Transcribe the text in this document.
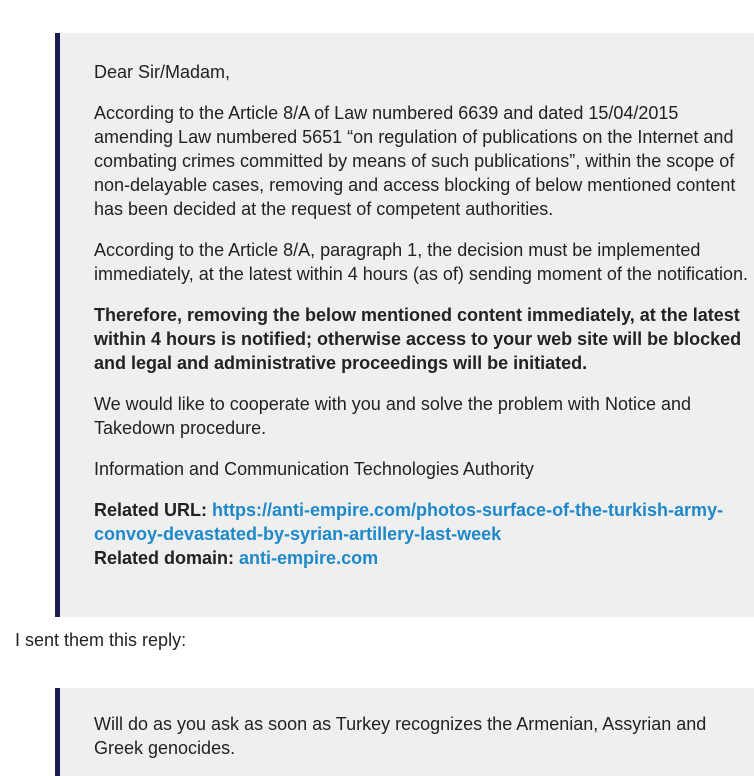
Dear Sir/Madam,

According to the Article 8/A of Law numbered 6639 and dated 15/04/2015 amending Law numbered 5651 “on regulation of publications on the Internet and combating crimes committed by means of such publications”, within the scope of non-delayable cases, removing and access blocking of below mentioned content has been decided at the request of competent authorities.

According to the Article 8/A, paragraph 1, the decision must be implemented immediately, at the latest within 4 hours (as of) sending moment of the notification.

Therefore, removing the below mentioned content immediately, at the latest within 4 hours is notified; otherwise access to your web site will be blocked and legal and administrative proceedings will be initiated.

We would like to cooperate with you and solve the problem with Notice and Takedown procedure.

Information and Communication Technologies Authority

Related URL: https://anti-empire.com/photos-surface-of-the-turkish-army-convoy-devastated-by-syrian-artillery-last-week

Related domain: anti-empire.com

I sent them this reply:

Will do as you ask as soon as Turkey recognizes the Armenian, Assyrian and Greek genocides.
